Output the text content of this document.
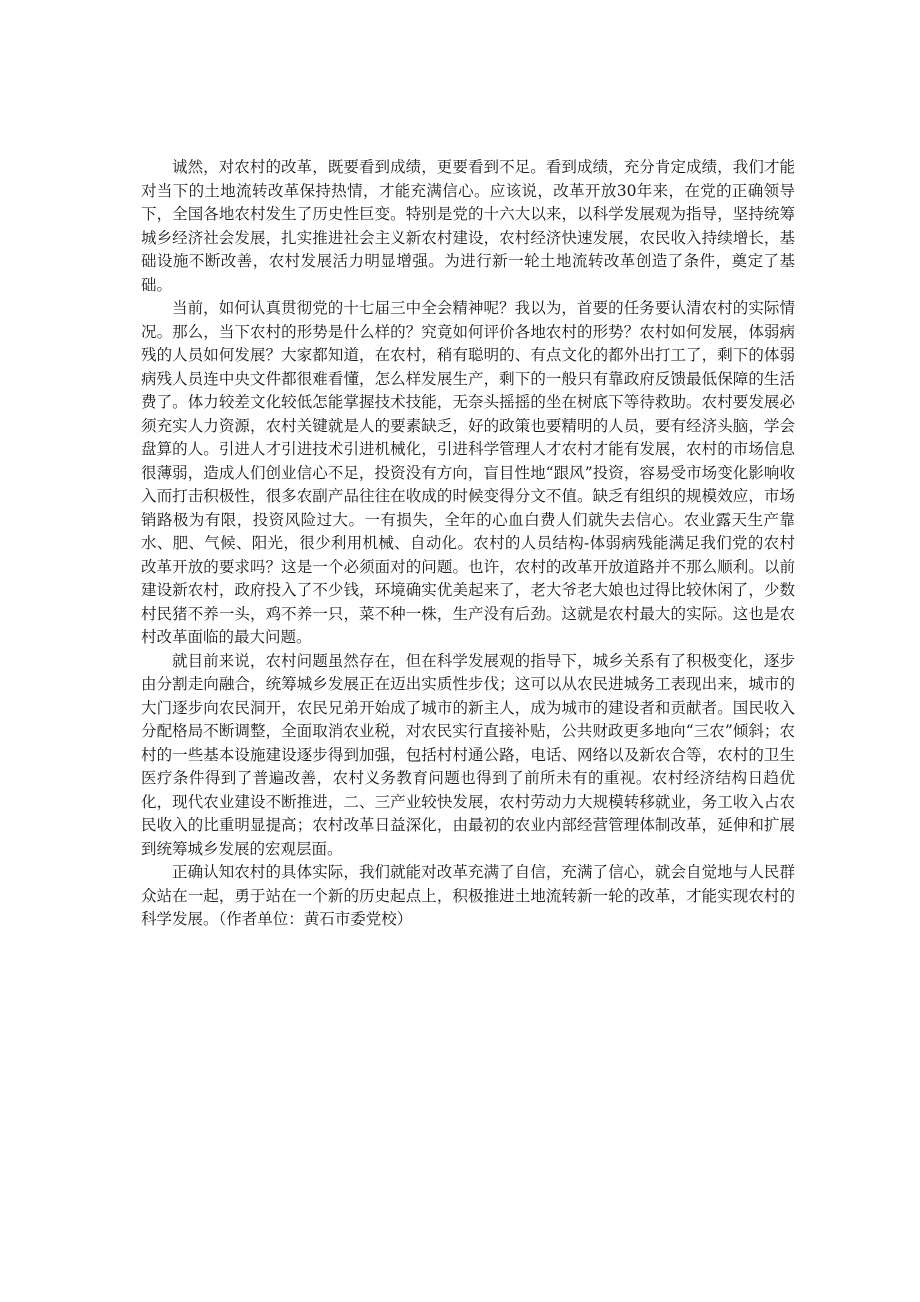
诚然，对农村的改革，既要看到成绩，更要看到不足。看到成绩，充分肯定成绩，我们才能对当下的土地流转改革保持热情，才能充满信心。应该说，改革开放30年来，在党的正确领导下，全国各地农村发生了历史性巨变。特别是党的十六大以来，以科学发展观为指导，坚持统筹城乡经济社会发展，扎实推进社会主义新农村建设，农村经济快速发展，农民收入持续增长，基础设施不断改善，农村发展活力明显增强。为进行新一轮土地流转改革创造了条件，奠定了基础。

当前，如何认真贯彻党的十七届三中全会精神呢？我以为，首要的任务要认清农村的实际情况。那么，当下农村的形势是什么样的？究竟如何评价各地农村的形势？农村如何发展，体弱病残的人员如何发展？大家都知道，在农村，稍有聪明的、有点文化的都外出打工了，剩下的体弱病残人员连中央文件都很难看懂，怎么样发展生产，剩下的一般只有靠政府反馈最低保障的生活费了。体力较差文化较低怎能掌握技术技能，无奈头摇摇的坐在树底下等待救助。农村要发展必须充实人力资源，农村关键就是人的要素缺乏，好的政策也要精明的人员，要有经济头脑，学会盘算的人。引进人才引进技术引进机械化，引进科学管理人才农村才能有发展，农村的市场信息很薄弱，造成人们创业信心不足，投资没有方向，盲目性地“跟风”投资，容易受市场变化影响收入而打击积极性，很多农副产品往往在收成的时候变得分文不值。缺乏有组织的规模效应，市场销路极为有限，投资风险过大。一有损失，全年的心血白费人们就失去信心。农业露天生产靠水、肥、气候、阳光，很少利用机械、自动化。农村的人员结构-体弱病残能满足我们党的农村改革开放的要求吗？这是一个必须面对的问题。也许，农村的改革开放道路并不那么顺利。以前建设新农村，政府投入了不少钱，环境确实优美起来了，老大爷老大娘也过得比较休闲了，少数村民猪不养一头，鸡不养一只，菜不种一株，生产没有后劲。这就是农村最大的实际。这也是农村改革面临的最大问题。

就目前来说，农村问题虽然存在，但在科学发展观的指导下，城乡关系有了积极变化，逐步由分割走向融合，统筹城乡发展正在迈出实质性步伐；这可以从农民进城务工表现出来，城市的大门逐步向农民洞开，农民兄弟开始成了城市的新主人，成为城市的建设者和贡献者。国民收入分配格局不断调整，全面取消农业税，对农民实行直接补贴，公共财政更多地向“三农”倾斜；农村的一些基本设施建设逐步得到加强，包括村村通公路，电话、网络以及新农合等，农村的卫生医疗条件得到了普遍改善，农村义务教育问题也得到了前所未有的重视。农村经济结构日趋优化，现代农业建设不断推进，二、三产业较快发展，农村劳动力大规模转移就业，务工收入占农民收入的比重明显提高；农村改革日益深化，由最初的农业内部经营管理体制改革，延伸和扩展到统筹城乡发展的宏观层面。

正确认知农村的具体实际，我们就能对改革充满了自信，充满了信心，就会自觉地与人民群众站在一起，勇于站在一个新的历史起点上，积极推进土地流转新一轮的改革，才能实现农村的科学发展。（作者单位：黄石市委党校）
